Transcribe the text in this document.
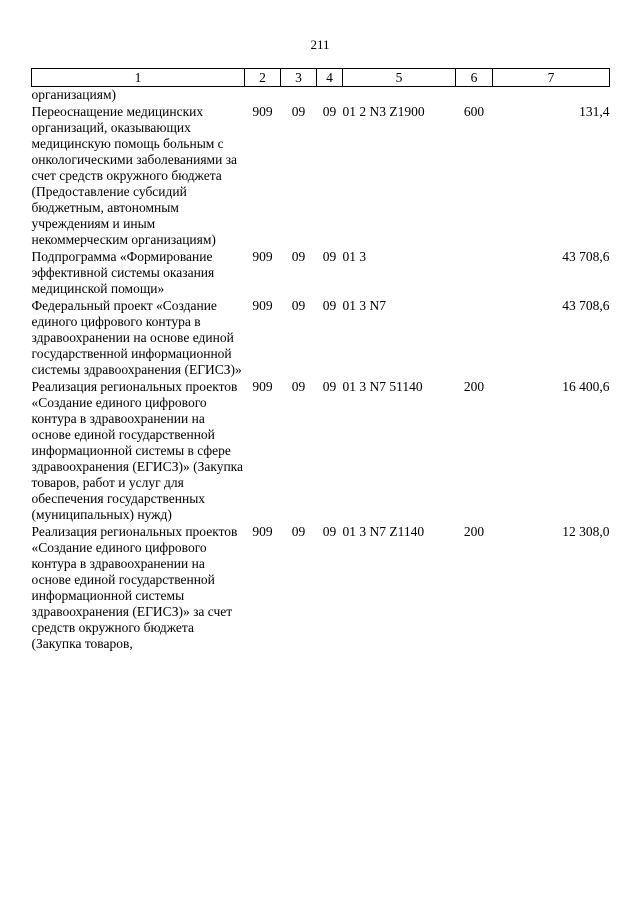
211
1	2	3	4	5	6	7
организациям)						
Переоснащение медицинских организаций, оказывающих медицинскую помощь больным с онкологическими заболеваниями за счет средств окружного бюджета (Предоставление субсидий бюджетным, автономным учреждениям и иным некоммерческим организациям)	909	09	09	01 2 N3 Z1900	600	131,4
Подпрограмма «Формирование эффективной системы оказания медицинской помощи»	909	09	09	01 3		43 708,6
Федеральный проект «Создание единого цифрового контура в здравоохранении на основе единой государственной информационной системы здравоохранения (ЕГИСЗ)»	909	09	09	01 3 N7		43 708,6
Реализация региональных проектов «Создание единого цифрового контура в здравоохранении на основе единой государственной информационной системы в сфере здравоохранения (ЕГИСЗ)» (Закупка товаров, работ и услуг для обеспечения государственных (муниципальных) нужд)	909	09	09	01 3 N7 51140	200	16 400,6
Реализация региональных проектов «Создание единого цифрового контура в здравоохранении на основе единой государственной информационной системы здравоохранения (ЕГИСЗ)» за счет средств окружного бюджета (Закупка товаров,	909	09	09	01 3 N7 Z1140	200	12 308,0
